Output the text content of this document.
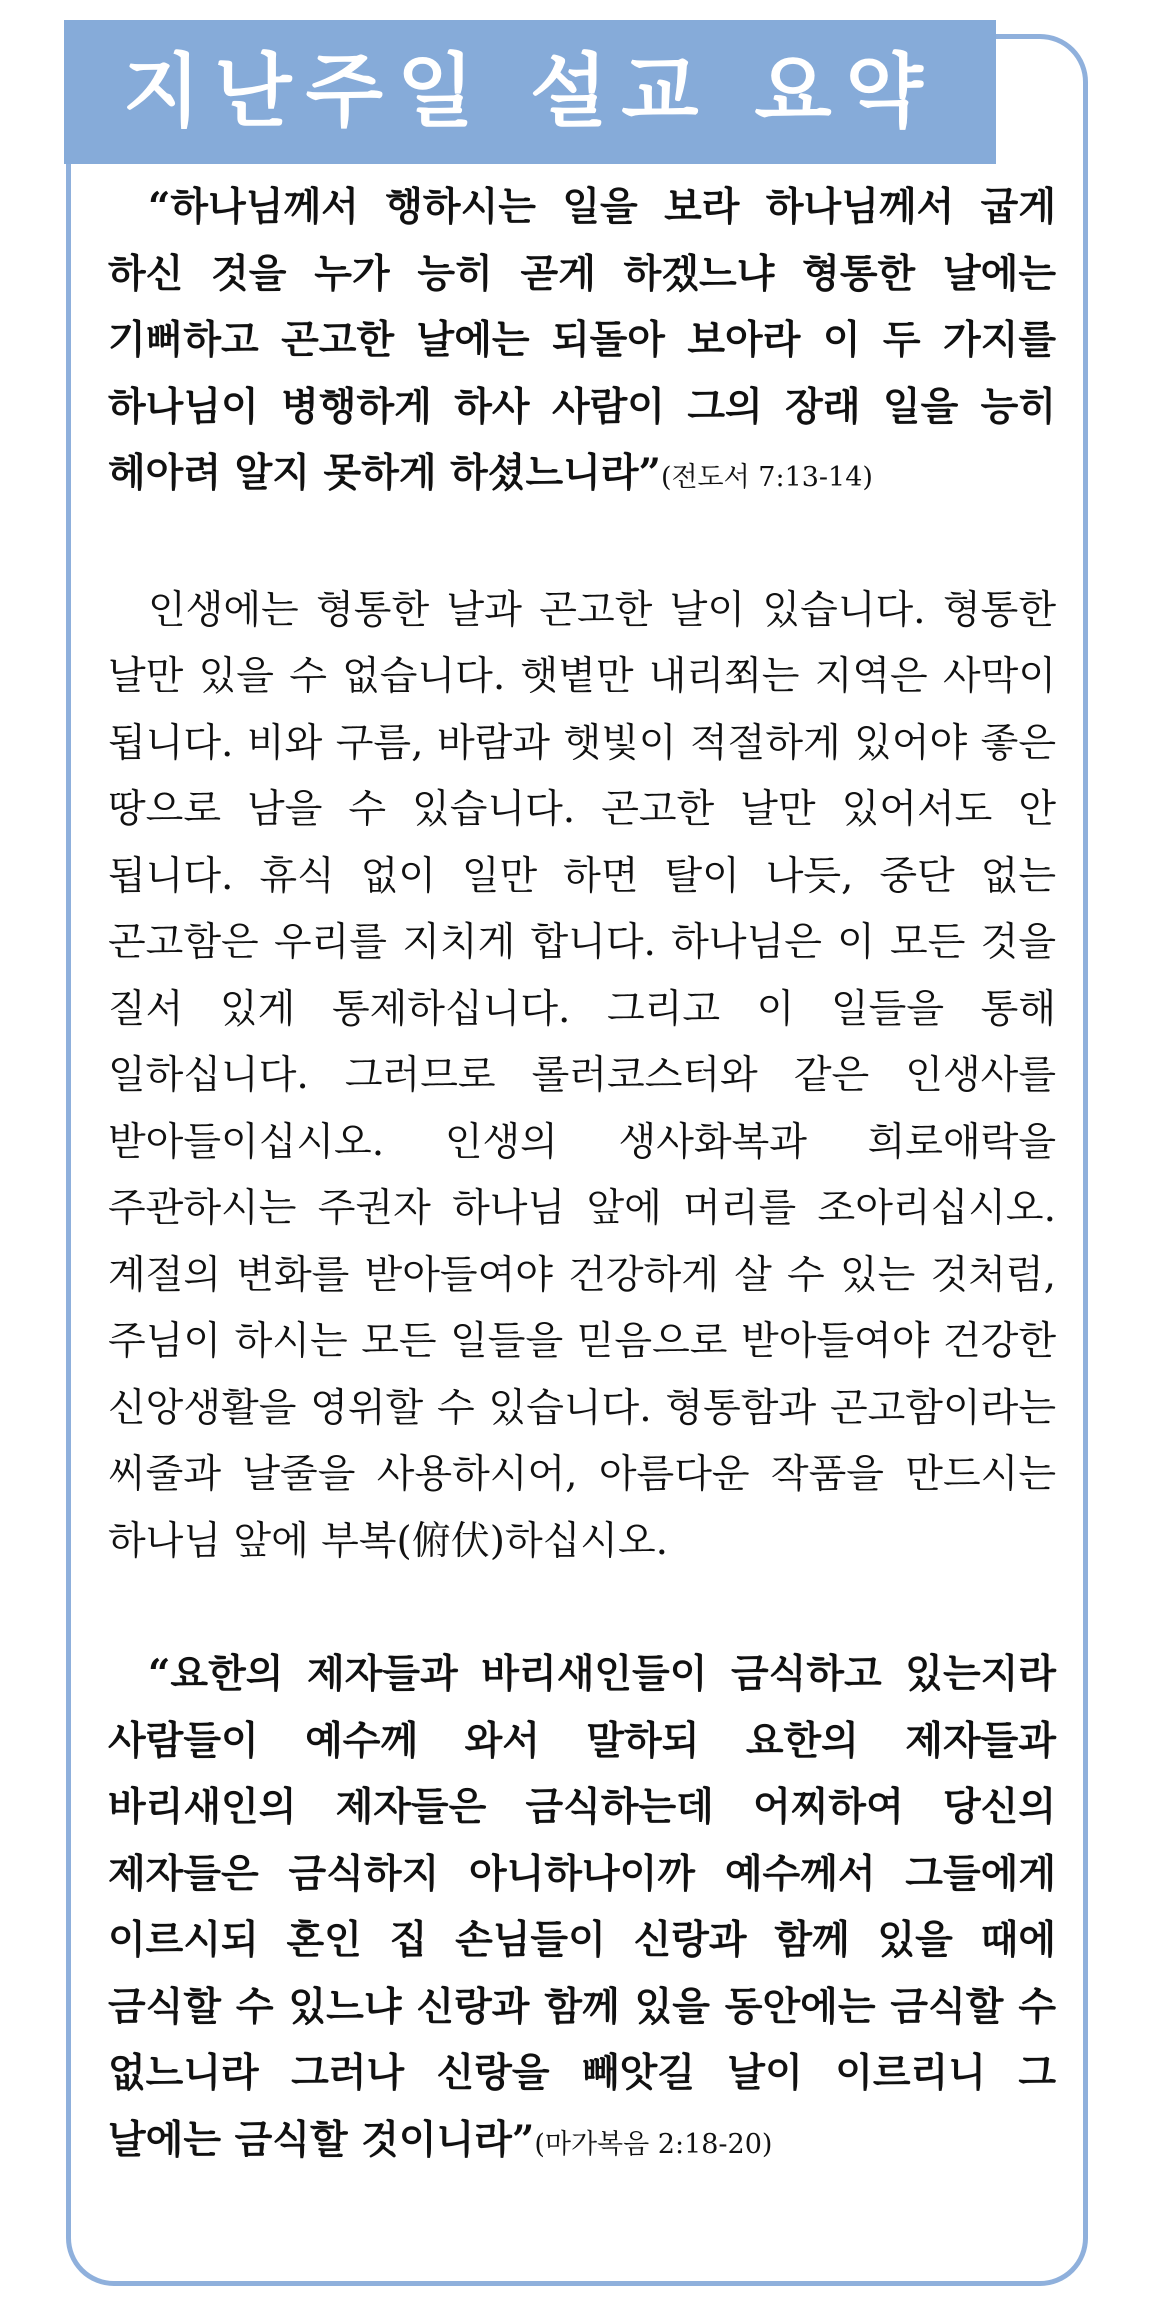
지난주일 설교 요약

“하나님께서 행하시는 일을 보라 하나님께서 굽게 하신 것을 누가 능히 곧게 하겠느냐 형통한 날에는 기뻐하고 곤고한 날에는 되돌아 보아라 이 두 가지를 하나님이 병행하게 하사 사람이 그의 장래 일을 능히 헤아려 알지 못하게 하셨느니라”(전도서 7:13-14)

인생에는 형통한 날과 곤고한 날이 있습니다. 형통한 날만 있을 수 없습니다. 햇볕만 내리쬐는 지역은 사막이 됩니다. 비와 구름, 바람과 햇빛이 적절하게 있어야 좋은 땅으로 남을 수 있습니다. 곤고한 날만 있어서도 안 됩니다. 휴식 없이 일만 하면 탈이 나듯, 중단 없는 곤고함은 우리를 지치게 합니다. 하나님은 이 모든 것을 질서 있게 통제하십니다. 그리고 이 일들을 통해 일하십니다. 그러므로 롤러코스터와 같은 인생사를 받아들이십시오. 인생의 생사화복과 희로애락을 주관하시는 주권자 하나님 앞에 머리를 조아리십시오. 계절의 변화를 받아들여야 건강하게 살 수 있는 것처럼, 주님이 하시는 모든 일들을 믿음으로 받아들여야 건강한 신앙생활을 영위할 수 있습니다. 형통함과 곤고함이라는 씨줄과 날줄을 사용하시어, 아름다운 작품을 만드시는 하나님 앞에 부복(俯伏)하십시오.

“요한의 제자들과 바리새인들이 금식하고 있는지라 사람들이 예수께 와서 말하되 요한의 제자들과 바리새인의 제자들은 금식하는데 어찌하여 당신의 제자들은 금식하지 아니하나이까 예수께서 그들에게 이르시되 혼인 집 손님들이 신랑과 함께 있을 때에 금식할 수 있느냐 신랑과 함께 있을 동안에는 금식할 수 없느니라 그러나 신랑을 빼앗길 날이 이르리니 그 날에는 금식할 것이니라”(마가복음 2:18-20)
